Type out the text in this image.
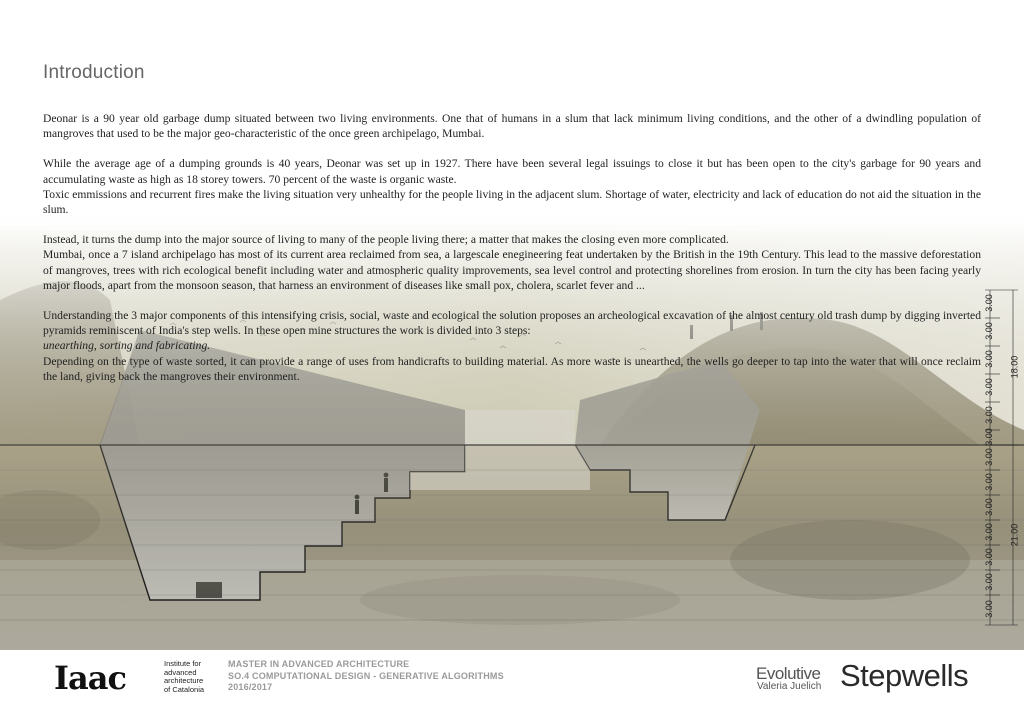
Introduction

Deonar is a 90 year old garbage dump situated between two living environments. One that of humans in a slum that lack minimum living conditions, and the other of a dwindling population of mangroves that used to be the major geo-characteristic of the once green archipelago, Mumbai.

While the average age of a dumping grounds is 40 years, Deonar was set up in 1927. There have been several legal issuings to close it but has been open to the city's garbage for 90 years and accumulating waste as high as 18 storey towers. 70 percent of the waste is organic waste.

Toxic emmissions and recurrent fires make the living situation very unhealthy for the people living in the adjacent slum. Shortage of water, electricity and lack of education do not aid the situation in the slum.

Instead, it turns the dump into the major source of living to many of the people living there; a matter that makes the closing even more complicated.

Mumbai, once a 7 island archipelago has most of its current area reclaimed from sea, a largescale enegineering feat undertaken by the British in the 19th Century. This lead to the massive deforestation of mangroves, trees with rich ecological benefit including water and atmospheric quality improvements, sea level control and protecting shorelines from erosion. In turn the city has been facing yearly major floods, apart from the monsoon season, that harness an environment of diseases like small pox, cholera, scarlet fever and ...

Understanding the 3 major components of this intensifying crisis, social, waste and ecological the solution proposes an archeological excavation of the almost century old trash dump by digging inverted pyramids reminiscent of India's step wells. In these open mine structures the work is divided into 3 steps:

unearthing, sorting and fabricating.

Depending on the type of waste sorted, it can provide a range of uses from handicrafts to building material. As more waste is unearthed, the wells go deeper to tap into the water that will once reclaim the land, giving back the mangroves their environment.

3.00
3.00
3.00
3.00
3.00
3.00
18.00
3.00
3.00
3.00
3.00
3.00
3.00
3.00
21.00
Iaac	Institute for
advanced
architecture
of Catalonia
MASTER IN ADVANCED ARCHITECTURE
SO.4 COMPUTATIONAL DESIGN - GENERATIVE ALGORITHMS
2016/2017
Evolutive
Valeria Juelich Stepwells
